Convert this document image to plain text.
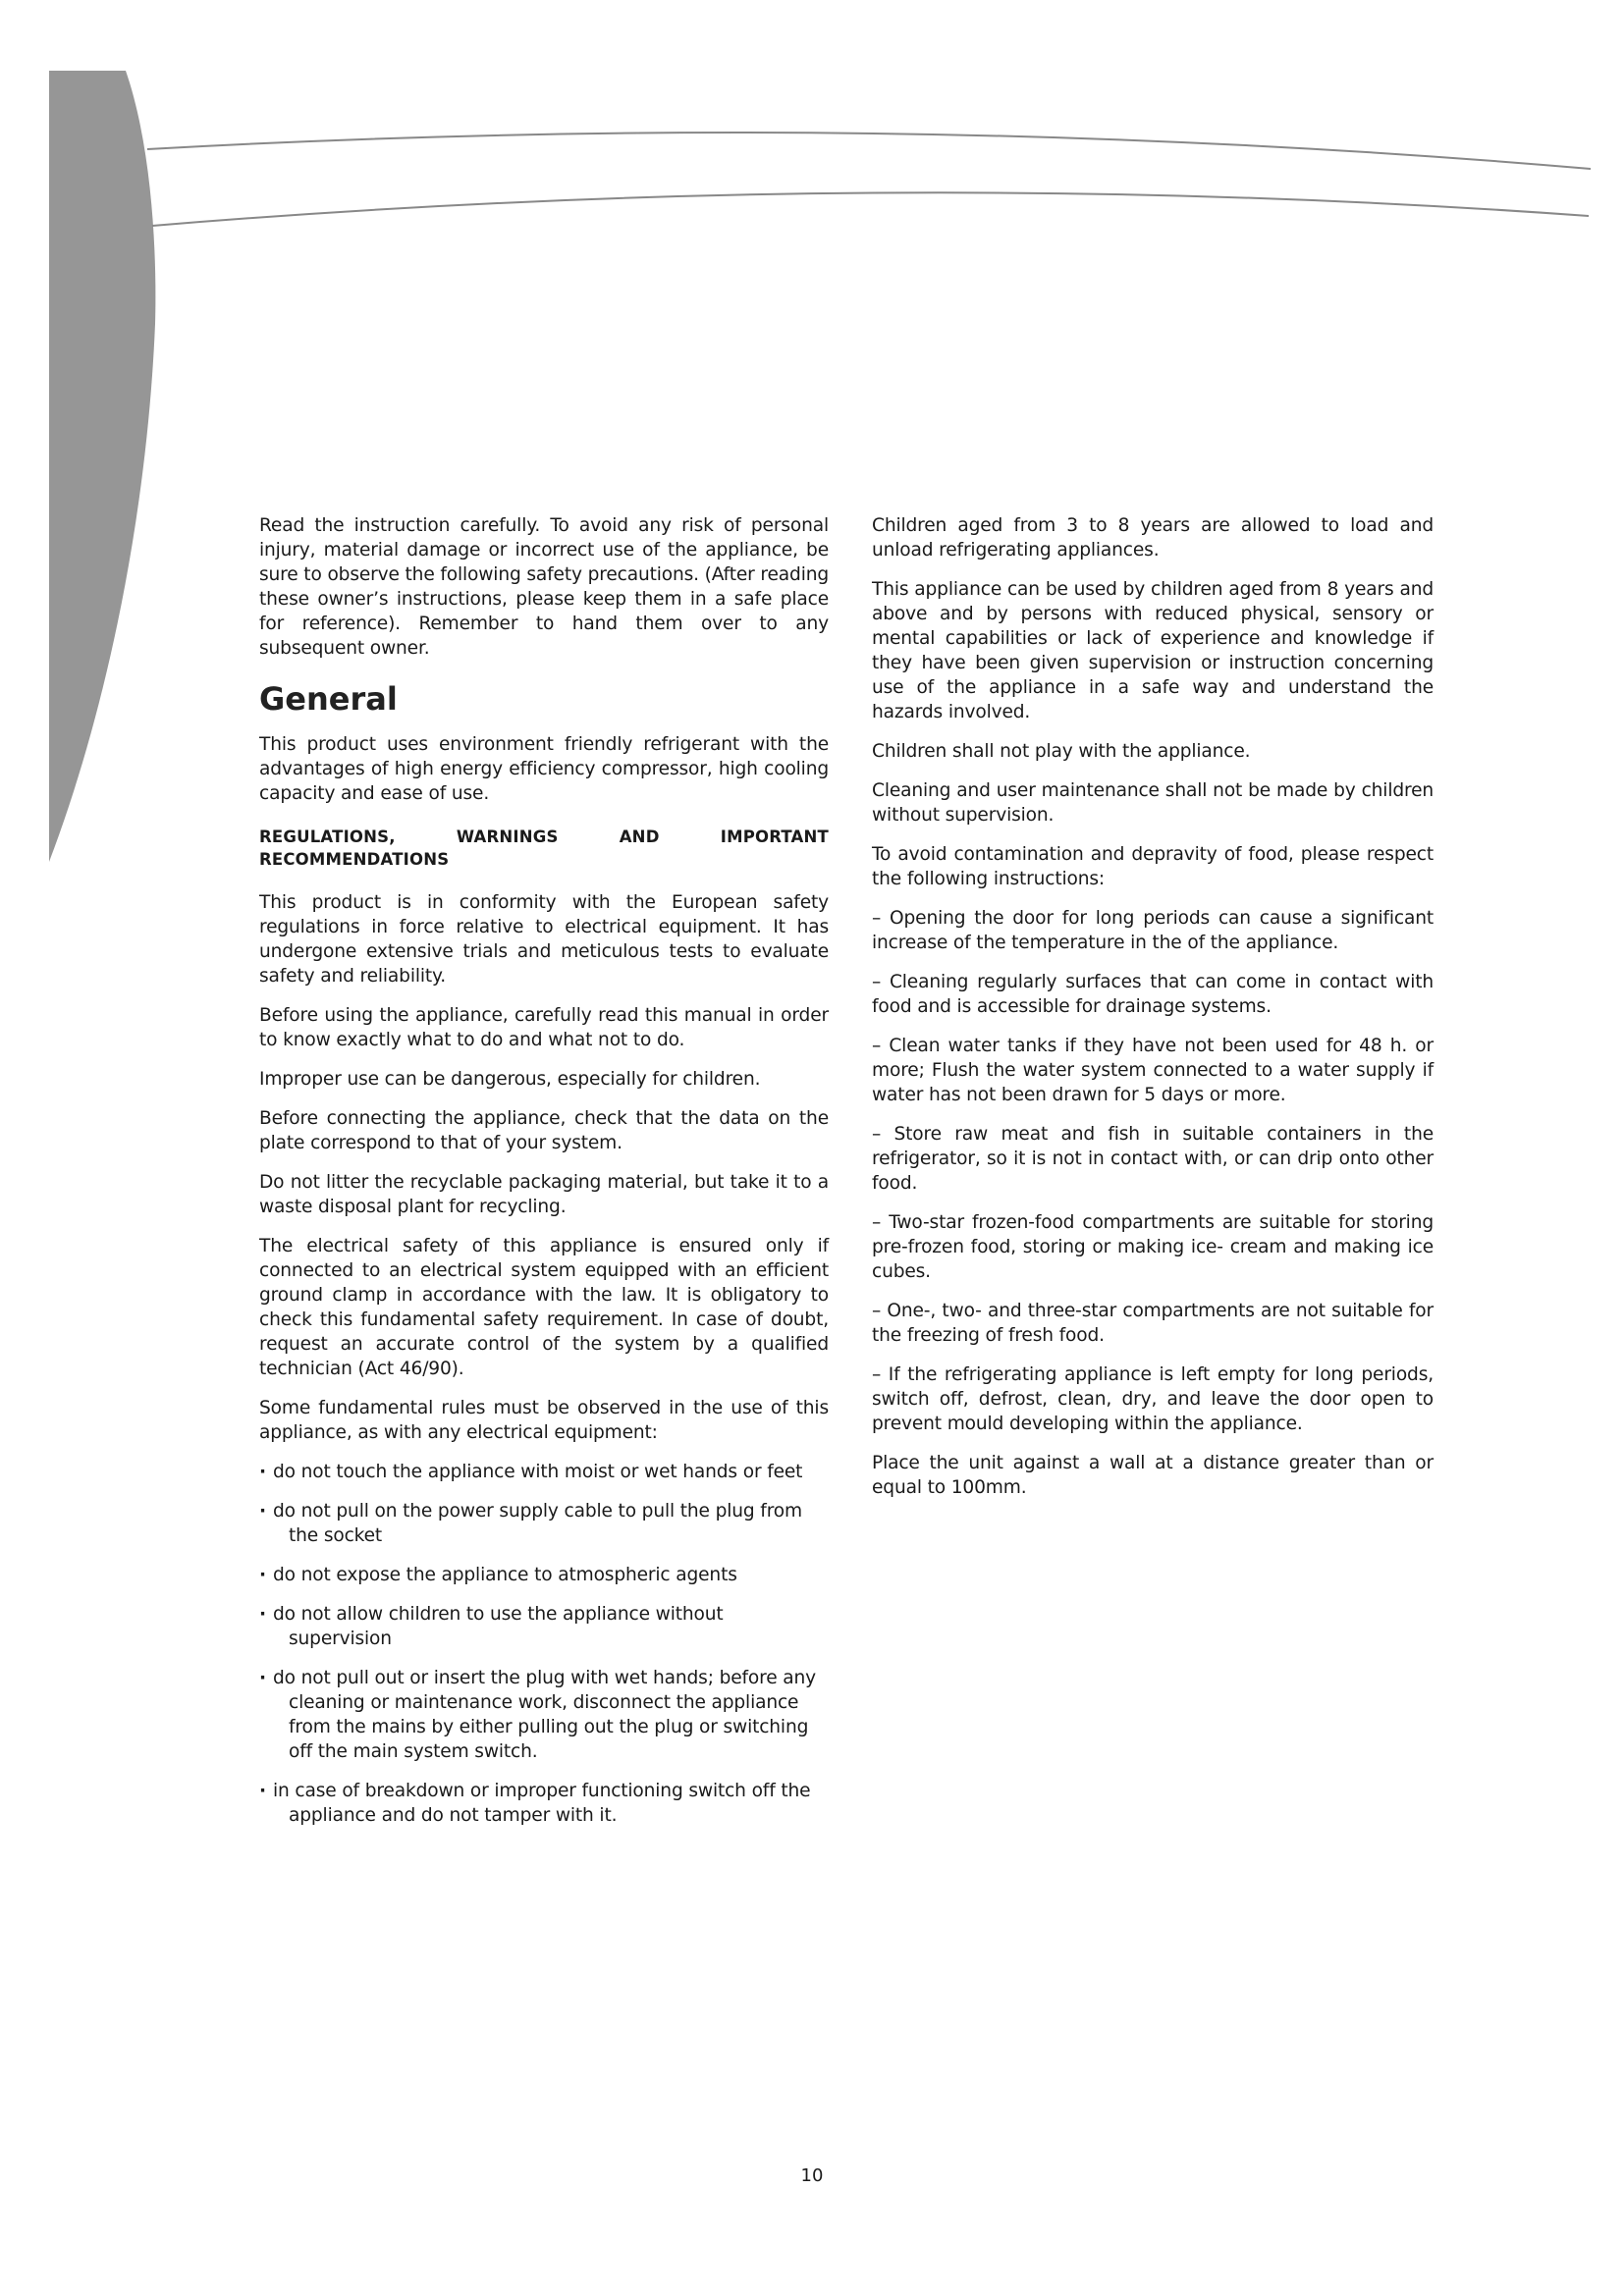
Read the instruction carefully. To avoid any risk of personal injury, material damage or incorrect use of the appliance, be sure to observe the following safety precautions. (After reading these owner’s instructions, please keep them in a safe place for reference). Remember to hand them over to any subsequent owner.

General

This product uses environment friendly refrigerant with the advantages of high energy efficiency compressor, high cooling capacity and ease of use.

REGULATIONS, WARNINGS AND IMPORTANT RECOMMENDATIONS

This product is in conformity with the European safety regulations in force relative to electrical equipment. It has undergone extensive trials and meticulous tests to evaluate safety and reliability.

Before using the appliance, carefully read this manual in order to know exactly what to do and what not to do.

Improper use can be dangerous, especially for children.

Before connecting the appliance, check that the data on the plate correspond to that of your system.

Do not litter the recyclable packaging material, but take it to a waste disposal plant for recycling.

The electrical safety of this appliance is ensured only if connected to an electrical system equipped with an efficient ground clamp in accordance with the law. It is obligatory to check this fundamental safety requirement. In case of doubt, request an accurate control of the system by a qualified technician (Act 46/90).

Some fundamental rules must be observed in the use of this appliance, as with any electrical equipment:

· do not touch the appliance with moist or wet hands or feet
· do not pull on the power supply cable to pull the plug from the socket
· do not expose the appliance to atmospheric agents
· do not allow children to use the appliance without supervision
· do not pull out or insert the plug with wet hands; before any cleaning or maintenance work, disconnect the appliance from the mains by either pulling out the plug or switching off the main system switch.
· in case of breakdown or improper functioning switch off the appliance and do not tamper with it.

Children aged from 3 to 8 years are allowed to load and unload refrigerating appliances.

This appliance can be used by children aged from 8 years and above and by persons with reduced physical, sensory or mental capabilities or lack of experience and knowledge if they have been given supervision or instruction concerning use of the appliance in a safe way and understand the hazards involved.

Children shall not play with the appliance.

Cleaning and user maintenance shall not be made by children without supervision.

To avoid contamination and depravity of food, please respect the following instructions:

– Opening the door for long periods can cause a significant increase of the temperature in the of the appliance.

– Cleaning regularly surfaces that can come in contact with food and is accessible for drainage systems.

– Clean water tanks if they have not been used for 48 h. or more; Flush the water system connected to a water supply if water has not been drawn for 5 days or more.

– Store raw meat and fish in suitable containers in the refrigerator, so it is not in contact with, or can drip onto other food.

– Two-star frozen-food compartments are suitable for storing pre-frozen food, storing or making ice- cream and making ice cubes.

– One-, two- and three-star compartments are not suitable for the freezing of fresh food.

– If the refrigerating appliance is left empty for long periods, switch off, defrost, clean, dry, and leave the door open to prevent mould developing within the appliance.

Place the unit against a wall at a distance greater than or equal to 100mm.

10
